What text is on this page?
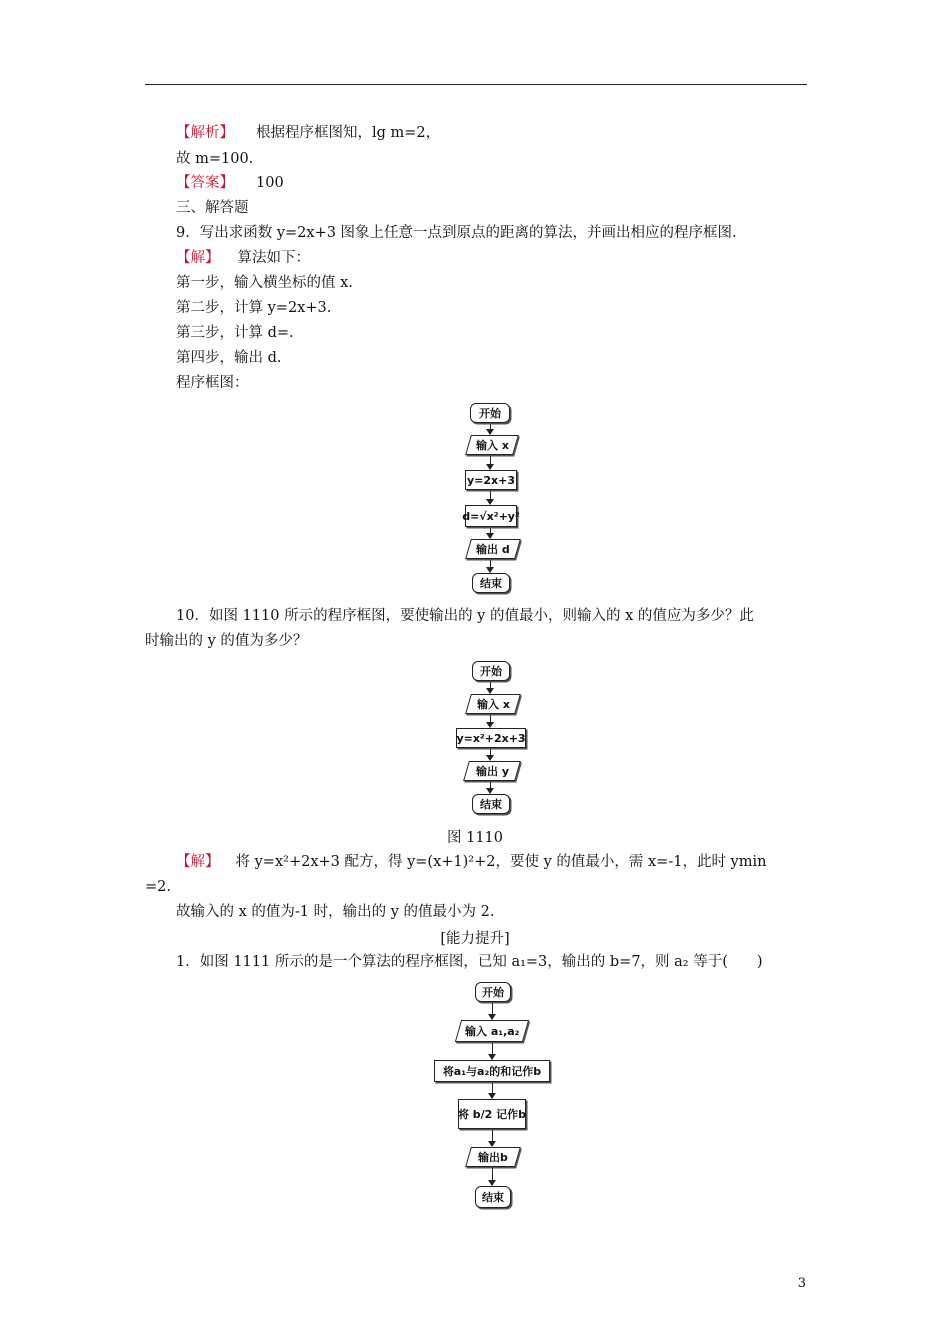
【解析】 根据程序框图知，lg m=2，
故 m=100.
【答案】 100
三、解答题
9．写出求函数 y=2x+3 图象上任意一点到原点的距离的算法，并画出相应的程序框图.
【解】 算法如下：
第一步，输入横坐标的值 x.
第二步，计算 y=2x+3.
第三步，计算 d=.
第四步，输出 d.
程序框图：
开始
输入 x
y=2x+3
d=√x²+y²
输出 d
结束
10．如图 1110 所示的程序框图，要使输出的 y 的值最小，则输入的 x 的值应为多少？此
时输出的 y 的值为多少？
开始
输入 x
y=x²+2x+3
输出 y
结束
图 1110
【解】 将 y=x²+2x+3 配方，得 y=(x+1)²+2，要使 y 的值最小，需 x=-1，此时 ymin
=2.
故输入的 x 的值为-1 时，输出的 y 的值最小为 2.
[能力提升]
1．如图 1111 所示的是一个算法的程序框图，已知 a₁=3，输出的 b=7，则 a₂ 等于(　　)
开始
输入 a₁,a₂
将a₁与a₂的和记作b
将 b/2 记作b
输出b
结束
3
